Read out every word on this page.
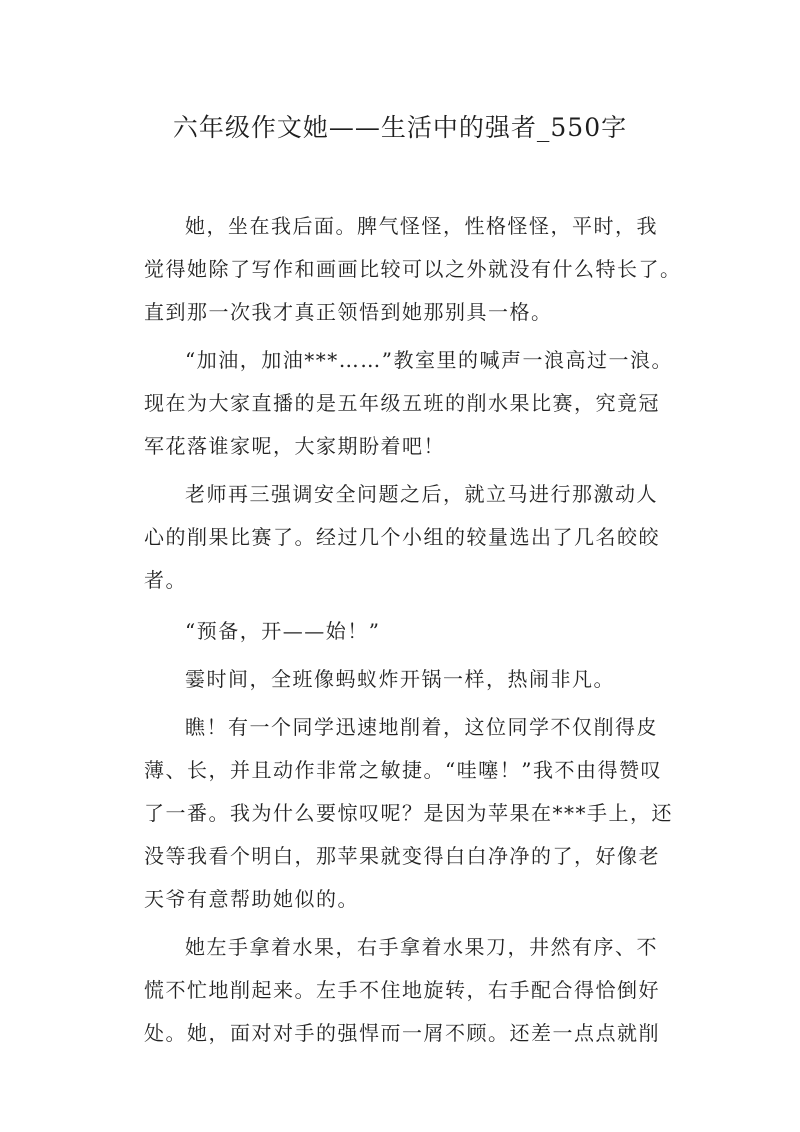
六年级作文她——生活中的强者_550字
她，坐在我后面。脾气怪怪，性格怪怪，平时，我
觉得她除了写作和画画比较可以之外就没有什么特长了。
直到那一次我才真正领悟到她那别具一格。
“加油，加油***……”教室里的喊声一浪高过一浪。
现在为大家直播的是五年级五班的削水果比赛，究竟冠
军花落谁家呢，大家期盼着吧！
老师再三强调安全问题之后，就立马进行那激动人
心的削果比赛了。经过几个小组的较量选出了几名皎皎
者。
“预备，开——始！”
霎时间，全班像蚂蚁炸开锅一样，热闹非凡。
瞧！有一个同学迅速地削着，这位同学不仅削得皮
薄、长，并且动作非常之敏捷。“哇噻！”我不由得赞叹
了一番。我为什么要惊叹呢？是因为苹果在***手上，还
没等我看个明白，那苹果就变得白白净净的了，好像老
天爷有意帮助她似的。
她左手拿着水果，右手拿着水果刀，井然有序、不
慌不忙地削起来。左手不住地旋转，右手配合得恰倒好
处。她，面对对手的强悍而一屑不顾。还差一点点就削
